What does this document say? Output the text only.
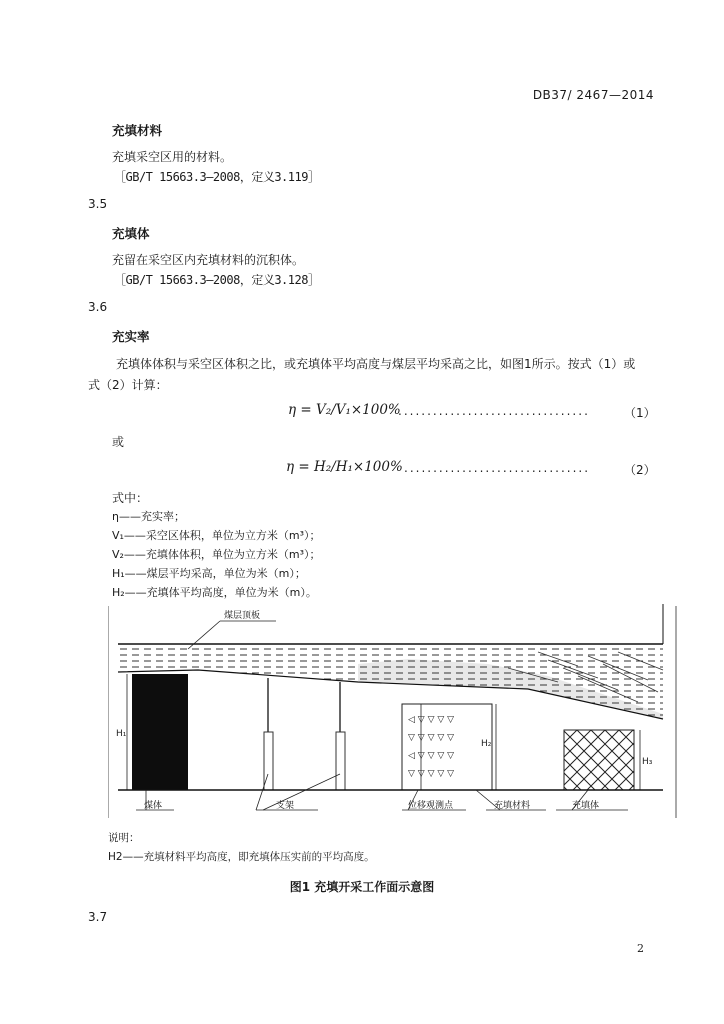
DB37/ 2467—2014
充填材料
充填采空区用的材料。
［GB/T 15663.3—2008，定义3.119］
3.5
充填体
充留在采空区内充填材料的沉积体。
［GB/T 15663.3—2008，定义3.128］
3.6
充实率
充填体体积与采空区体积之比，或充填体平均高度与煤层平均采高之比，如图1所示。按式（1）或
式（2）计算：
η = V₂/V₁×100%
.................................	（1）
或
η = H₂/H₁×100% ................................	（2）
式中：
η——充实率；
V₁——采空区体积，单位为立方米（m³）；
V₂——充填体体积，单位为立方米（m³）；
H₁——煤层平均采高，单位为米（m）；
H₂——充填体平均高度，单位为米（m）。
H₁
◁ ▽ ▽ ▽ ▽
▽ ▽ ▽ ▽ ▽
◁ ▽ ▽ ▽ ▽
▽ ▽ ▽ ▽ ▽
H₂
H₃
煤层顶板
煤体	支架	位移观测点	充填材料	充填体
说明：
H2——充填材料平均高度，即充填体压实前的平均高度。
图1 充填开采工作面示意图
3.7
2
